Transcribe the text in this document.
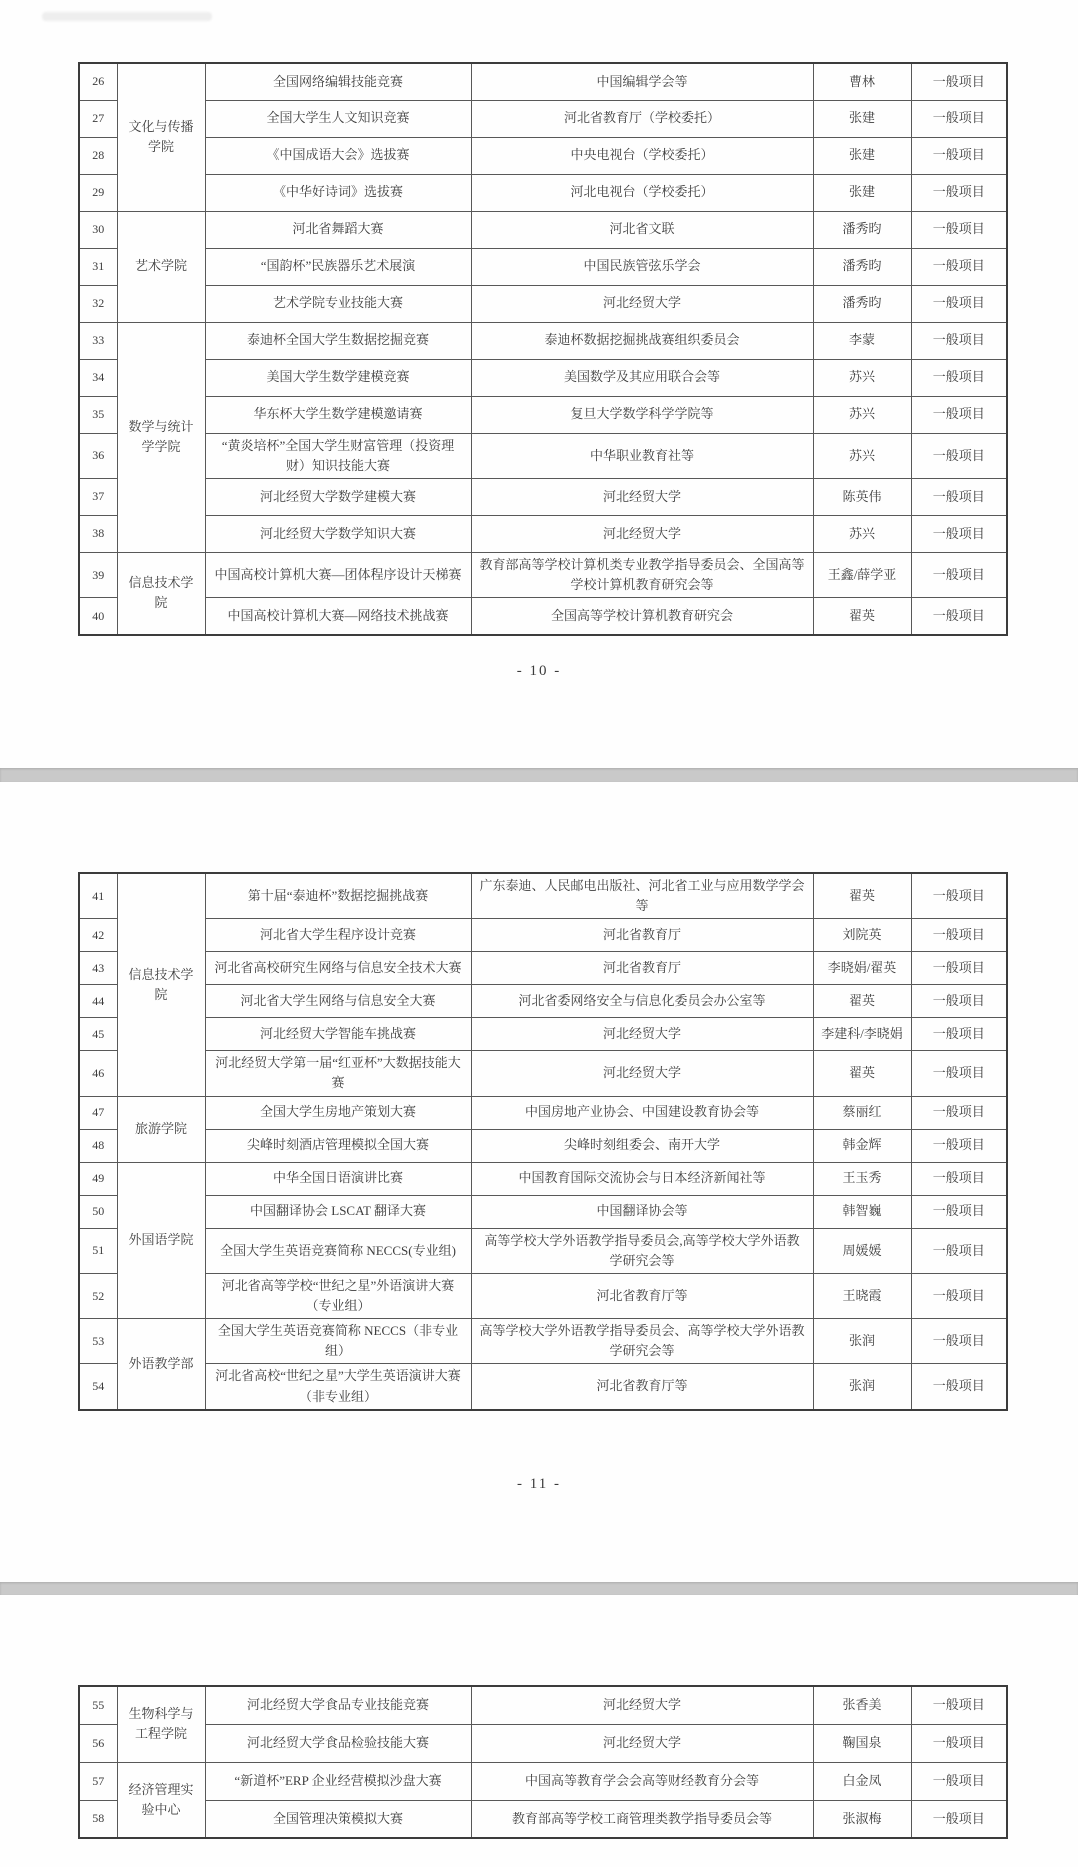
26	文化与传播学院	全国网络编辑技能竞赛	中国编辑学会等	曹林	一般项目
27		全国大学生人文知识竞赛	河北省教育厅（学校委托）	张建	一般项目
28		《中国成语大会》选拔赛	中央电视台（学校委托）	张建	一般项目
29		《中华好诗词》选拔赛	河北电视台（学校委托）	张建	一般项目
30	艺术学院	河北省舞蹈大赛	河北省文联	潘秀昀	一般项目
31		“国韵杯”民族器乐艺术展演	中国民族管弦乐学会	潘秀昀	一般项目
32		艺术学院专业技能大赛	河北经贸大学	潘秀昀	一般项目
33	数学与统计学学院	泰迪杯全国大学生数据挖掘竞赛	泰迪杯数据挖掘挑战赛组织委员会	李蒙	一般项目
34		美国大学生数学建模竞赛	美国数学及其应用联合会等	苏兴	一般项目
35		华东杯大学生数学建模邀请赛	复旦大学数学科学学院等	苏兴	一般项目
36		“黄炎培杯”全国大学生财富管理（投资理财）知识技能大赛	中华职业教育社等	苏兴	一般项目
37		河北经贸大学数学建模大赛	河北经贸大学	陈英伟	一般项目
38		河北经贸大学数学知识大赛	河北经贸大学	苏兴	一般项目
39	信息技术学院	中国高校计算机大赛—团体程序设计天梯赛	教育部高等学校计算机类专业教学指导委员会、全国高等学校计算机教育研究会等	王鑫/薛学亚	一般项目
40		中国高校计算机大赛—网络技术挑战赛	全国高等学校计算机教育研究会	翟英	一般项目
- 10 -
41	信息技术学院	第十届“泰迪杯”数据挖掘挑战赛	广东泰迪、人民邮电出版社、河北省工业与应用数学学会等	翟英	一般项目
42		河北省大学生程序设计竞赛	河北省教育厅	刘院英	一般项目
43		河北省高校研究生网络与信息安全技术大赛	河北省教育厅	李晓娟/翟英	一般项目
44		河北省大学生网络与信息安全大赛	河北省委网络安全与信息化委员会办公室等	翟英	一般项目
45		河北经贸大学智能车挑战赛	河北经贸大学	李建科/李晓娟	一般项目
46		河北经贸大学第一届“红亚杯”大数据技能大赛	河北经贸大学	翟英	一般项目
47	旅游学院	全国大学生房地产策划大赛	中国房地产业协会、中国建设教育协会等	蔡丽红	一般项目
48		尖峰时刻酒店管理模拟全国大赛	尖峰时刻组委会、南开大学	韩金辉	一般项目
49	外国语学院	中华全国日语演讲比赛	中国教育国际交流协会与日本经济新闻社等	王玉秀	一般项目
50		中国翻译协会 LSCAT 翻译大赛	中国翻译协会等	韩智巍	一般项目
51		全国大学生英语竞赛简称 NECCS(专业组)	高等学校大学外语教学指导委员会,高等学校大学外语教学研究会等	周媛媛	一般项目
52		河北省高等学校“世纪之星”外语演讲大赛（专业组）	河北省教育厅等	王晓霞	一般项目
53	外语教学部	全国大学生英语竞赛简称 NECCS（非专业组）	高等学校大学外语教学指导委员会、高等学校大学外语教学研究会等	张润	一般项目
54		河北省高校“世纪之星”大学生英语演讲大赛（非专业组）	河北省教育厅等	张润	一般项目
- 11 -
55	生物科学与工程学院	河北经贸大学食品专业技能竞赛	河北经贸大学	张香美	一般项目
56		河北经贸大学食品检验技能大赛	河北经贸大学	鞠国泉	一般项目
57	经济管理实验中心	“新道杯”ERP 企业经营模拟沙盘大赛	中国高等教育学会会高等财经教育分会等	白金凤	一般项目
58		全国管理决策模拟大赛	教育部高等学校工商管理类教学指导委员会等	张淑梅	一般项目
